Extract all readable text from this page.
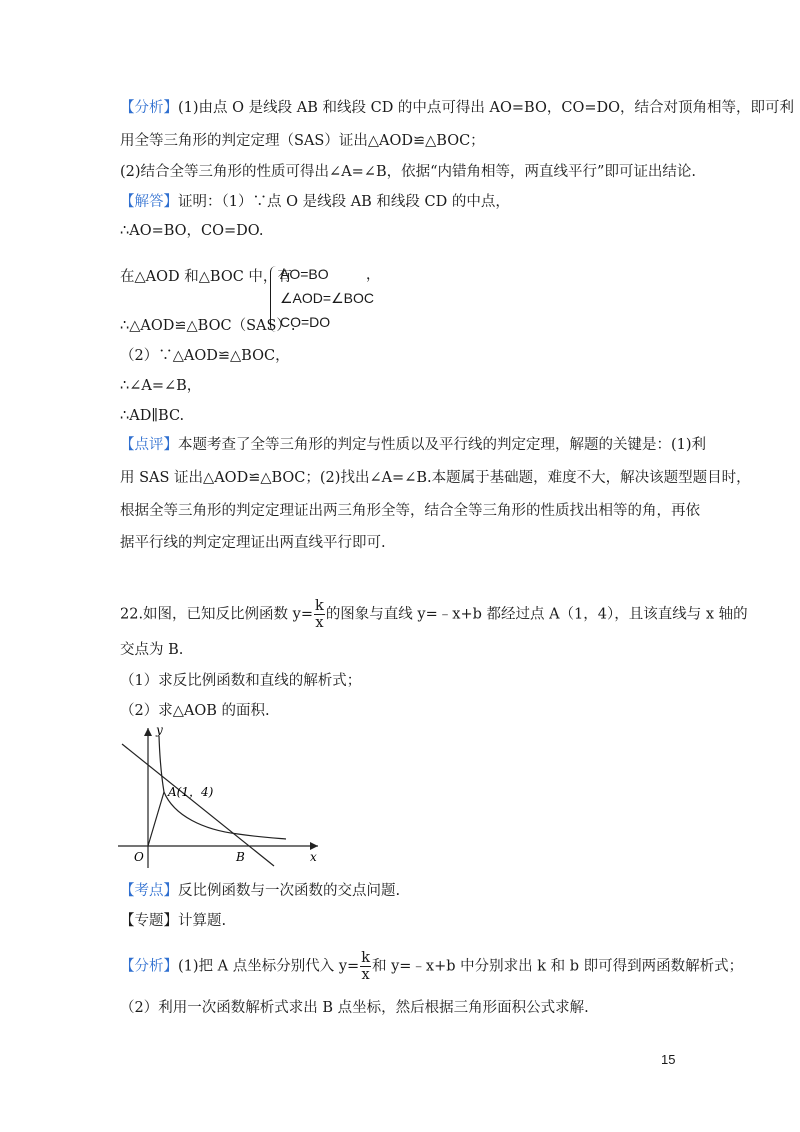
【分析】(1)由点 O 是线段 AB 和线段 CD 的中点可得出 AO=BO，CO=DO，结合对顶角相等，即可利
用全等三角形的判定定理（SAS）证出△AOD≌△BOC；
(2)结合全等三角形的性质可得出∠A=∠B，依据“内错角相等，两直线平行”即可证出结论.
【解答】证明：（1）∵点 O 是线段 AB 和线段 CD 的中点，
∴AO=BO，CO=DO.
在△AOD 和△BOC 中，有
AO=BO	，
∠AOD=∠BOC
CO=DO
∴△AOD≌△BOC（SAS）.
（2）∵△AOD≌△BOC，
∴∠A=∠B，
∴AD∥BC.
【点评】本题考查了全等三角形的判定与性质以及平行线的判定定理，解题的关键是：(1)利
用 SAS 证出△AOD≌△BOC；(2)找出∠A=∠B.本题属于基础题，难度不大，解决该题型题目时，
根据全等三角形的判定定理证出两三角形全等，结合全等三角形的性质找出相等的角，再依
据平行线的判定定理证出两直线平行即可.
22.如图，已知反比例函数 $y= \frac{k}{x}$ 的图象与直线 y=﹣x+b 都经过点 A（1，4），且该直线与 x 轴的
交点为 B.
（1）求反比例函数和直线的解析式；
（2）求△AOB 的面积.
y
x
O
A(1，4)
B
【考点】反比例函数与一次函数的交点问题.
【专题】计算题.
【分析】(1)把 A 点坐标分别代入 $y= \frac{k}{x}$ 和 y=﹣x+b 中分别求出 k 和 b 即可得到两函数解析式；
（2）利用一次函数解析式求出 B 点坐标，然后根据三角形面积公式求解.
15
